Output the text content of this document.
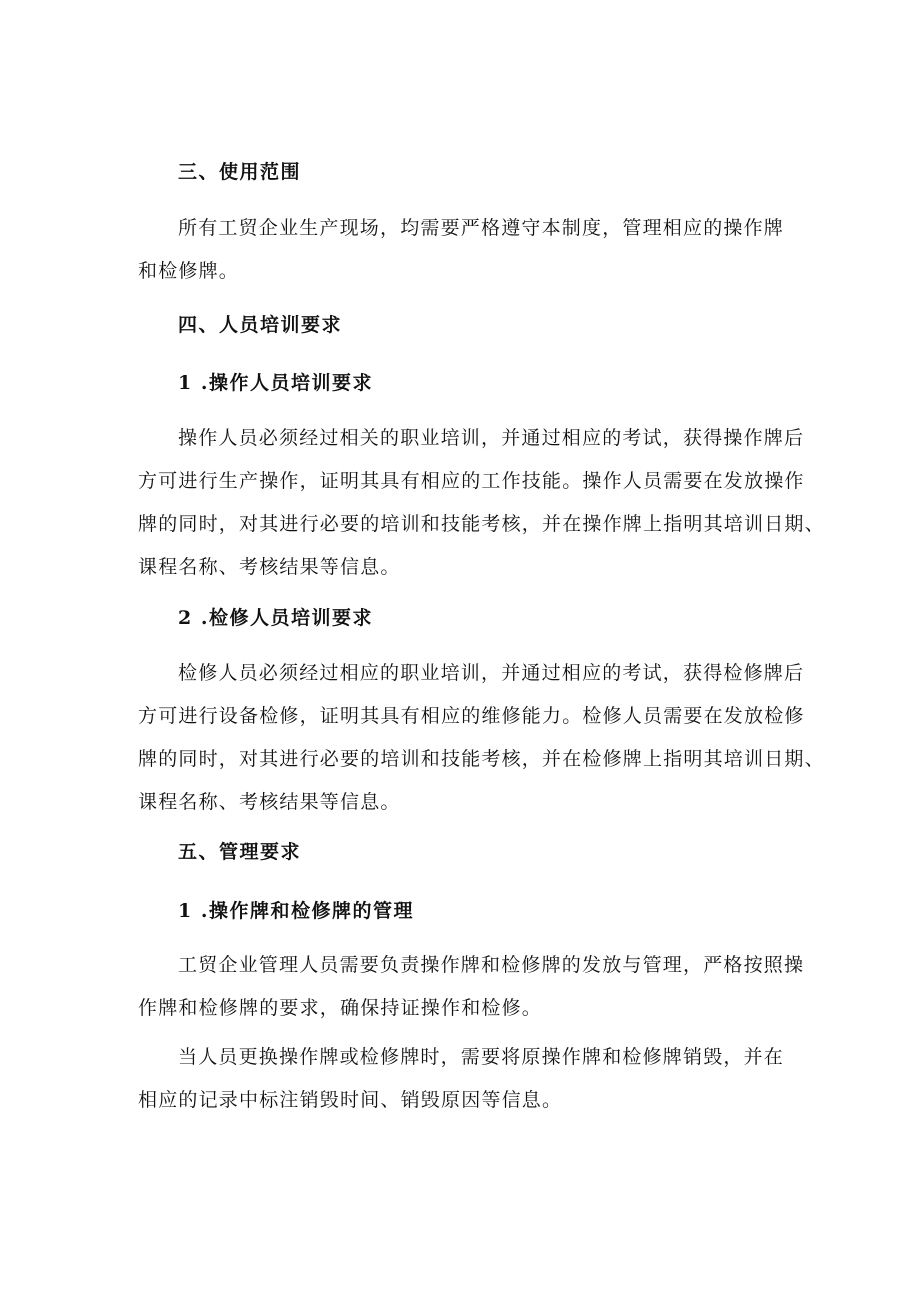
三、使用范围
所有工贸企业生产现场，均需要严格遵守本制度，管理相应的操作牌
和检修牌。
四、人员培训要求
1 .操作人员培训要求
操作人员必须经过相关的职业培训，并通过相应的考试，获得操作牌后
方可进行生产操作，证明其具有相应的工作技能。操作人员需要在发放操作
牌的同时，对其进行必要的培训和技能考核，并在操作牌上指明其培训日期、
课程名称、考核结果等信息。
2 .检修人员培训要求
检修人员必须经过相应的职业培训，并通过相应的考试，获得检修牌后
方可进行设备检修，证明其具有相应的维修能力。检修人员需要在发放检修
牌的同时，对其进行必要的培训和技能考核，并在检修牌上指明其培训日期、
课程名称、考核结果等信息。
五、管理要求
1 .操作牌和检修牌的管理
工贸企业管理人员需要负责操作牌和检修牌的发放与管理，严格按照操
作牌和检修牌的要求，确保持证操作和检修。
当人员更换操作牌或检修牌时，需要将原操作牌和检修牌销毁，并在
相应的记录中标注销毁时间、销毁原因等信息。
